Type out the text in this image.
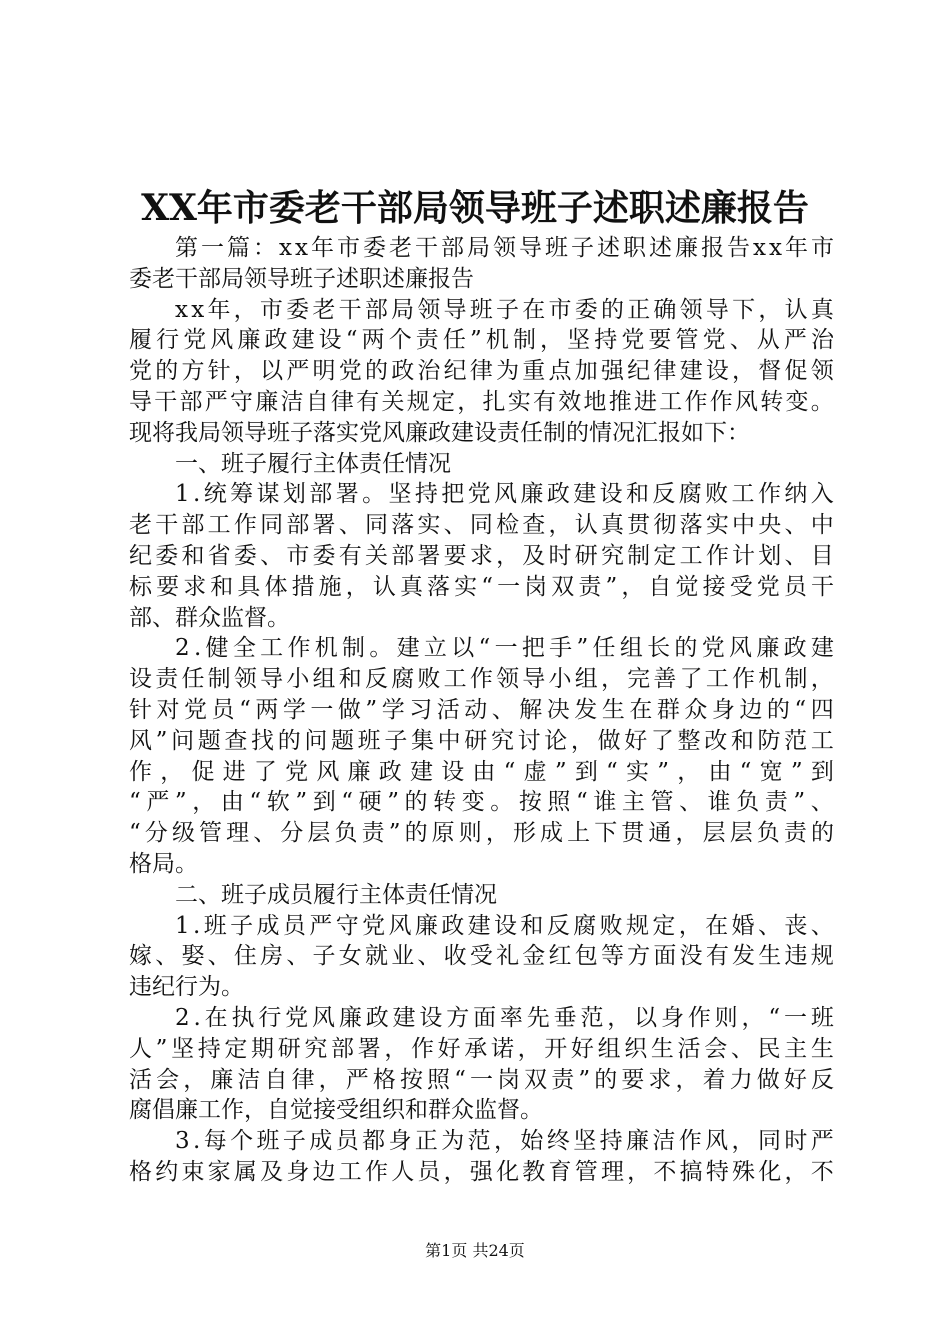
XX年市委老干部局领导班子述职述廉报告
第 一 篇 ： x x 年 市 委 老 干 部 局 领 导 班 子 述 职 述 廉 报 告 x x 年 市
委老干部局领导班子述职述廉报告
x x 年 ， 市 委 老 干 部 局 领 导 班 子 在 市 委 的 正 确 领 导 下 ， 认 真
履 行 党 风 廉 政 建 设 “ 两 个 责 任 ” 机 制 ， 坚 持 党 要 管 党 、 从 严 治
党 的 方 针 ， 以 严 明 党 的 政 治 纪 律 为 重 点 加 强 纪 律 建 设 ， 督 促 领
导 干 部 严 守 廉 洁 自 律 有 关 规 定 ， 扎 实 有 效 地 推 进 工 作 作 风 转 变 。
现将我局领导班子落实党风廉政建设责任制的情况汇报如下：
一、班子履行主体责任情况
1 . 统 筹 谋 划 部 署 。 坚 持 把 党 风 廉 政 建 设 和 反 腐 败 工 作 纳 入
老 干 部 工 作 同 部 署 、 同 落 实 、 同 检 查 ， 认 真 贯 彻 落 实 中 央 、 中
纪 委 和 省 委 、 市 委 有 关 部 署 要 求 ， 及 时 研 究 制 定 工 作 计 划 、 目
标 要 求 和 具 体 措 施 ， 认 真 落 实 “ 一 岗 双 责 ” ， 自 觉 接 受 党 员 干
部、群众监督。
2 . 健 全 工 作 机 制 。 建 立 以 “ 一 把 手 ” 任 组 长 的 党 风 廉 政 建
设 责 任 制 领 导 小 组 和 反 腐 败 工 作 领 导 小 组 ， 完 善 了 工 作 机 制 ，
针 对 党 员 “ 两 学 一 做 ” 学 习 活 动 、 解 决 发 生 在 群 众 身 边 的 “ 四
风 ” 问 题 查 找 的 问 题 班 子 集 中 研 究 讨 论 ， 做 好 了 整 改 和 防 范 工
作 ， 促 进 了 党 风 廉 政 建 设 由 “ 虚 ” 到 “ 实 ” ， 由 “ 宽 ” 到
“ 严 ” ， 由 “ 软 ” 到 “ 硬 ” 的 转 变 。 按 照 “ 谁 主 管 、 谁 负 责 ” 、
“ 分 级 管 理 、 分 层 负 责 ” 的 原 则 ， 形 成 上 下 贯 通 ， 层 层 负 责 的
格局。
二、班子成员履行主体责任情况
1 . 班 子 成 员 严 守 党 风 廉 政 建 设 和 反 腐 败 规 定 ， 在 婚 、 丧 、
嫁 、 娶 、 住 房 、 子 女 就 业 、 收 受 礼 金 红 包 等 方 面 没 有 发 生 违 规
违纪行为。
2 . 在 执 行 党 风 廉 政 建 设 方 面 率 先 垂 范 ， 以 身 作 则 ， “ 一 班
人 ” 坚 持 定 期 研 究 部 署 ， 作 好 承 诺 ， 开 好 组 织 生 活 会 、 民 主 生
活 会 ， 廉 洁 自 律 ， 严 格 按 照 “ 一 岗 双 责 ” 的 要 求 ， 着 力 做 好 反
腐倡廉工作，自觉接受组织和群众监督。
3 . 每 个 班 子 成 员 都 身 正 为 范 ， 始 终 坚 持 廉 洁 作 风 ， 同 时 严
格 约 束 家 属 及 身 边 工 作 人 员 ， 强 化 教 育 管 理 ， 不 搞 特 殊 化 ， 不
第1页 共24页
